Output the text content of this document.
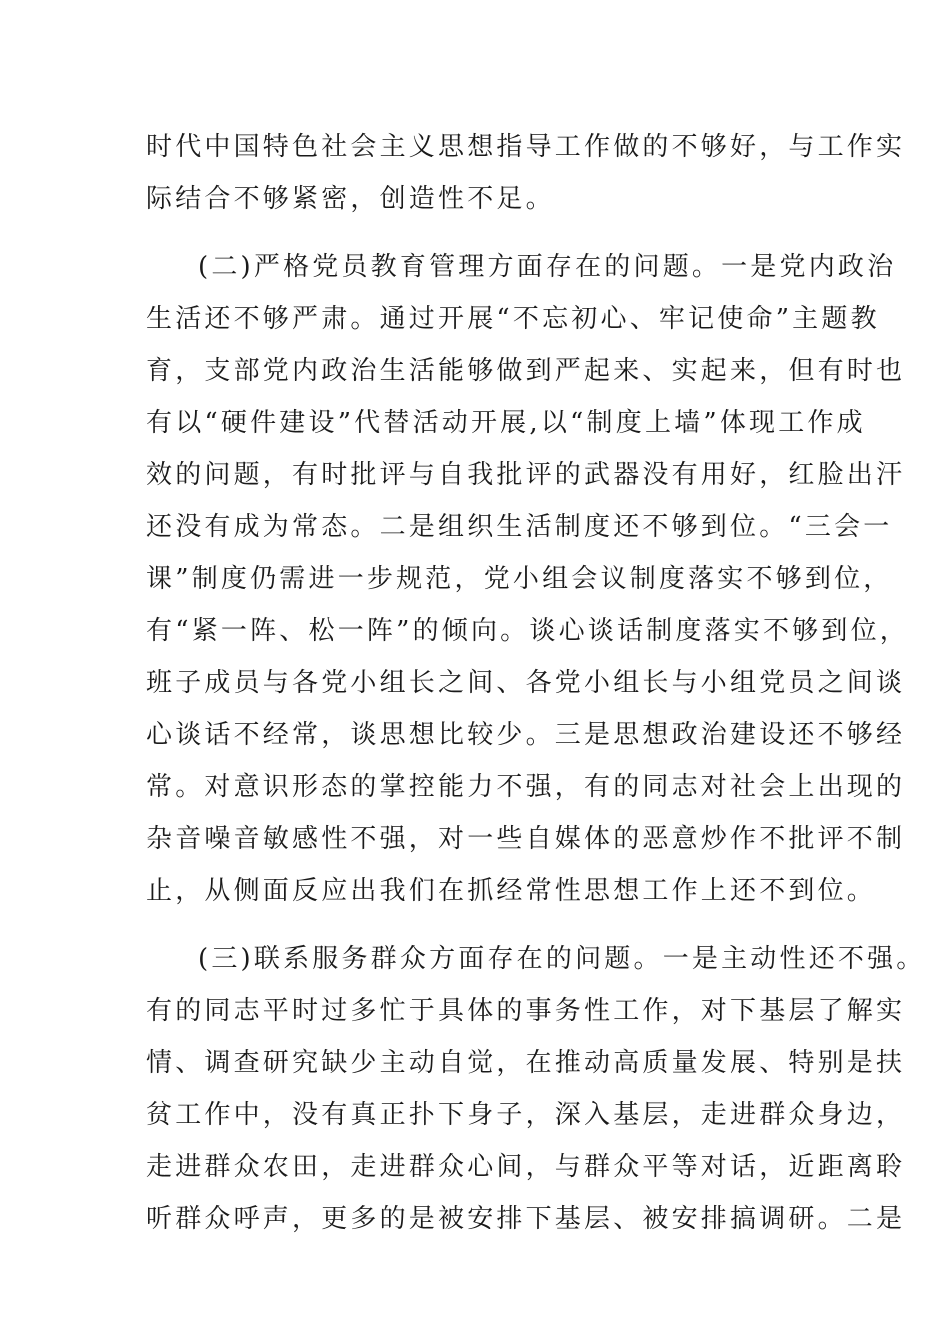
时代中国特色社会主义思想指导工作做的不够好，与工作实
际结合不够紧密，创造性不足。
(二)严格党员教育管理方面存在的问题。一是党内政治
生活还不够严肃。通过开展“不忘初心、牢记使命”主题教
育，支部党内政治生活能够做到严起来、实起来，但有时也
有以“硬件建设”代替活动开展,以“制度上墙”体现工作成
效的问题，有时批评与自我批评的武器没有用好，红脸出汗
还没有成为常态。二是组织生活制度还不够到位。“三会一
课”制度仍需进一步规范，党小组会议制度落实不够到位，
有“紧一阵、松一阵”的倾向。谈心谈话制度落实不够到位，
班子成员与各党小组长之间、各党小组长与小组党员之间谈
心谈话不经常，谈思想比较少。三是思想政治建设还不够经
常。对意识形态的掌控能力不强，有的同志对社会上出现的
杂音噪音敏感性不强，对一些自媒体的恶意炒作不批评不制
止，从侧面反应出我们在抓经常性思想工作上还不到位。
(三)联系服务群众方面存在的问题。一是主动性还不强。
有的同志平时过多忙于具体的事务性工作，对下基层了解实
情、调查研究缺少主动自觉，在推动高质量发展、特别是扶
贫工作中，没有真正扑下身子，深入基层，走进群众身边，
走进群众农田，走进群众心间，与群众平等对话，近距离聆
听群众呼声，更多的是被安排下基层、被安排搞调研。二是
